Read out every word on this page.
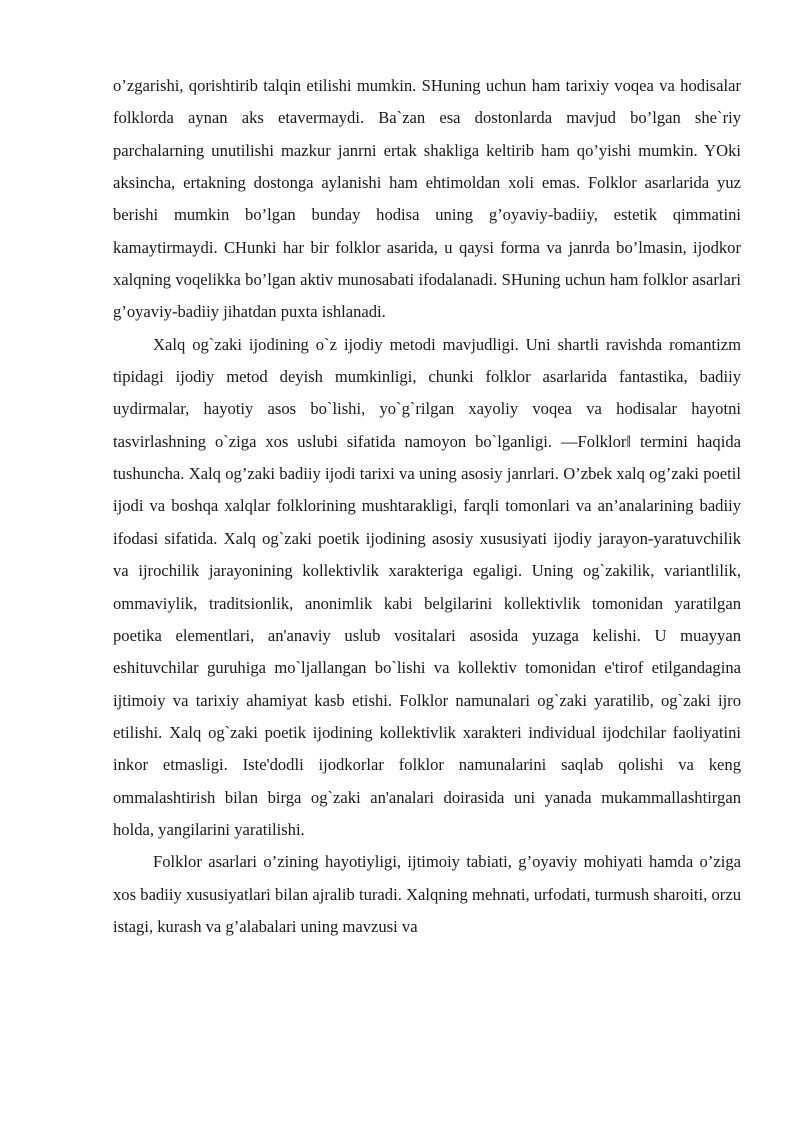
o’zgarishi, qorishtirib talqin etilishi mumkin. SHuning uchun ham tarixiy voqea va hodisalar folklorda aynan aks etavermaydi. Ba`zan esa dostonlarda mavjud bo’lgan she`riy parchalarning unutilishi mazkur janrni ertak shakliga keltirib ham qo’yishi mumkin. YOki aksincha, ertakning dostonga aylanishi ham ehtimoldan xoli emas. Folklor asarlarida yuz berishi mumkin bo’lgan bunday hodisa uning g’oyaviy-badiiy, estetik qimmatini kamaytirmaydi. CHunki har bir folklor asarida, u qaysi forma va janrda bo’lmasin, ijodkor xalqning voqelikka bo’lgan aktiv munosabati ifodalanadi. SHuning uchun ham folklor asarlari g’oyaviy-badiiy jihatdan puxta ishlanadi.

Xalq og`zaki ijodining o`z ijodiy metodi mavjudligi. Uni shartli ravishda romantizm tipidagi ijodiy metod deyish mumkinligi, chunki folklor asarlarida fantastika, badiiy uydirmalar, hayotiy asos bo`lishi, yo`g`rilgan xayoliy voqea va hodisalar hayotni tasvirlashning o`ziga xos uslubi sifatida namoyon bo`lganligi. ―Folklor‖ termini haqida tushuncha. Xalq og’zaki badiiy ijodi tarixi va uning asosiy janrlari. O’zbek xalq og’zaki poetil ijodi va boshqa xalqlar folklorining mushtarakligi, farqli tomonlari va an’analarining badiiy ifodasi sifatida. Xalq og`zaki poetik ijodining asosiy xususiyati ijodiy jarayon-yaratuvchilik va ijrochilik jarayonining kollektivlik xarakteriga egaligi. Uning og`zakilik, variantlilik, ommaviylik, traditsionlik, anonimlik kabi belgilarini kollektivlik tomonidan yaratilgan poetika elementlari, an'anaviy uslub vositalari asosida yuzaga kelishi. U muayyan eshituvchilar guruhiga mo`ljallangan bo`lishi va kollektiv tomonidan e'tirof etilgandagina ijtimoiy va tarixiy ahamiyat kasb etishi. Folklor namunalari og`zaki yaratilib, og`zaki ijro etilishi. Xalq og`zaki poetik ijodining kollektivlik xarakteri individual ijodchilar faoliyatini inkor etmasligi. Iste'dodli ijodkorlar folklor namunalarini saqlab qolishi va keng ommalashtirish bilan birga og`zaki an'analari doirasida uni yanada mukammallashtirgan holda, yangilarini yaratilishi.

Folklor asarlari o’zining hayotiyligi, ijtimoiy tabiati, g’oyaviy mohiyati hamda o’ziga xos badiiy xususiyatlari bilan ajralib turadi. Xalqning mehnati, urfodati, turmush sharoiti, orzu istagi, kurash va g’alabalari uning mavzusi va
